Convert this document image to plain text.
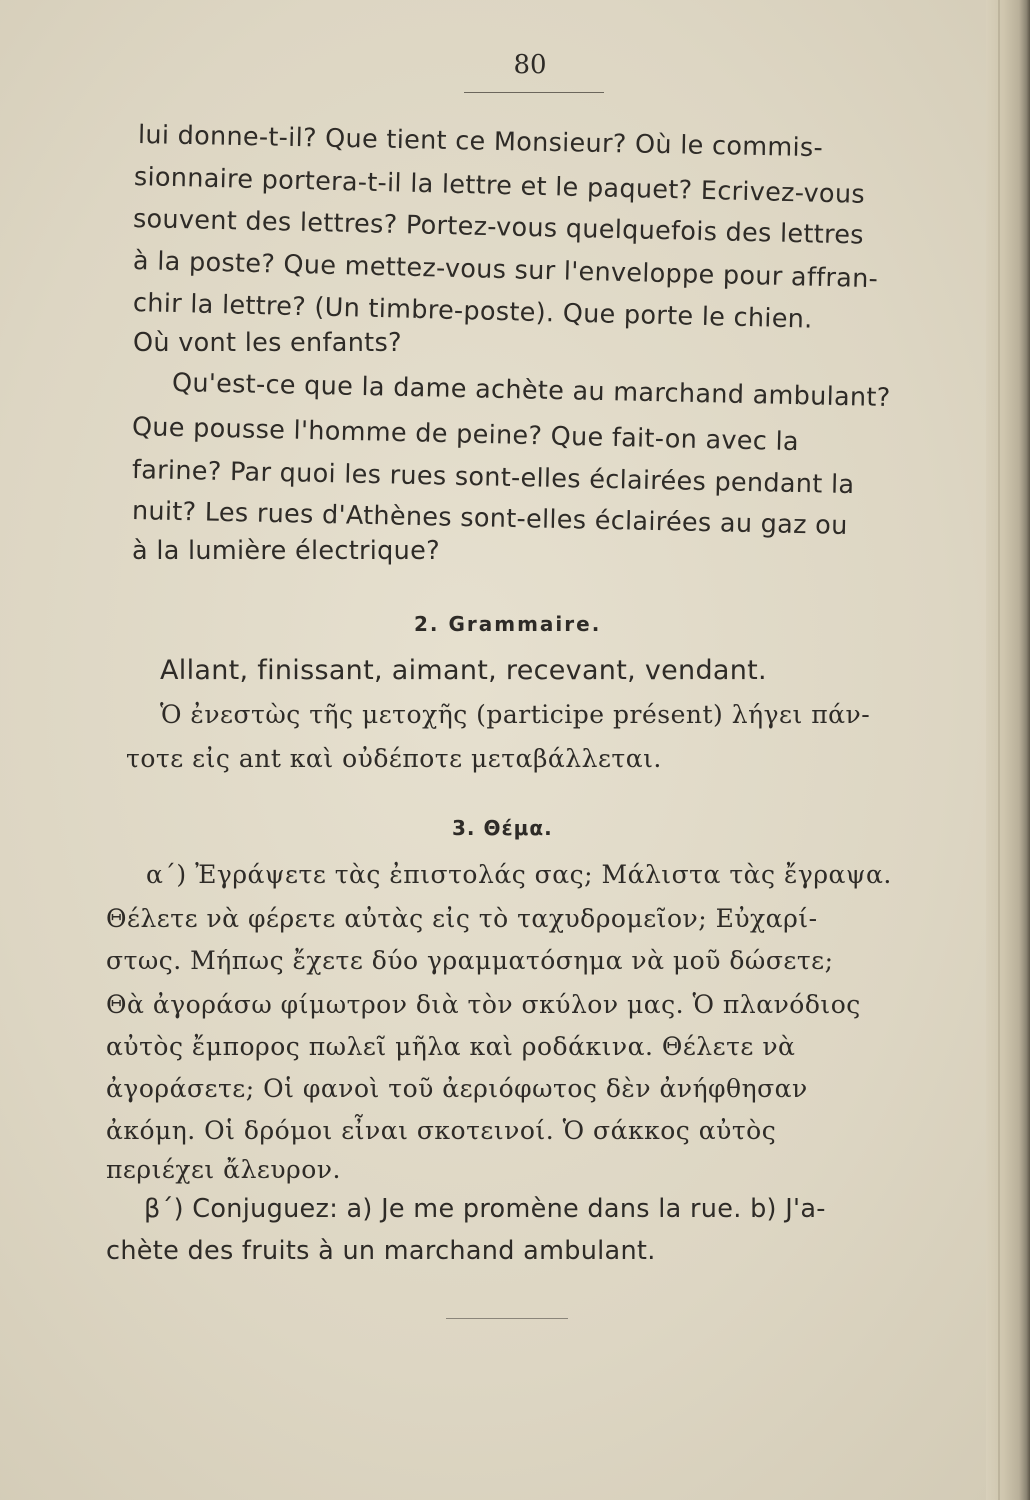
80
lui donne-t-il? Que tient ce Monsieur? Où le commis-
sionnaire portera-t-il la lettre et le paquet? Ecrivez-vous
souvent des lettres? Portez-vous quelquefois des lettres
à la poste? Que mettez-vous sur l'enveloppe pour affran-
chir la lettre? (Un timbre-poste). Que porte le chien.
Où vont les enfants?
Qu'est-ce que la dame achète au marchand ambulant?
Que pousse l'homme de peine? Que fait-on avec la
farine? Par quoi les rues sont-elles éclairées pendant la
nuit? Les rues d'Athènes sont-elles éclairées au gaz ou
à la lumière électrique?
2. Grammaire.
Allant, finissant, aimant, recevant, vendant.
Ὁ ἐνεστὼς τῆς μετοχῆς (participe présent) λήγει πάν-
τοτε εἰς ant καὶ οὐδέποτε μεταβάλλεται.
3. Θέμα.
α΄) Ἐγράψετε τὰς ἐπιστολάς σας; Μάλιστα τὰς ἔγραψα.
Θέλετε νὰ φέρετε αὐτὰς εἰς τὸ ταχυδρομεῖον; Εὐχαρί-
στως. Μήπως ἔχετε δύο γραμματόσημα νὰ μοῦ δώσετε;
Θὰ ἀγοράσω φίμωτρον διὰ τὸν σκύλον μας. Ὁ πλανόδιος
αὐτὸς ἔμπορος πωλεῖ μῆλα καὶ ροδάκινα. Θέλετε νὰ
ἀγοράσετε; Οἱ φανοὶ τοῦ ἀεριόφωτος δὲν ἀνήφθησαν
ἀκόμη. Οἱ δρόμοι εἶναι σκοτεινοί. Ὁ σάκκος αὐτὸς
περιέχει ἄλευρον.
β΄) Conjuguez: a) Je me promène dans la rue. b) J'a-
chète des fruits à un marchand ambulant.
